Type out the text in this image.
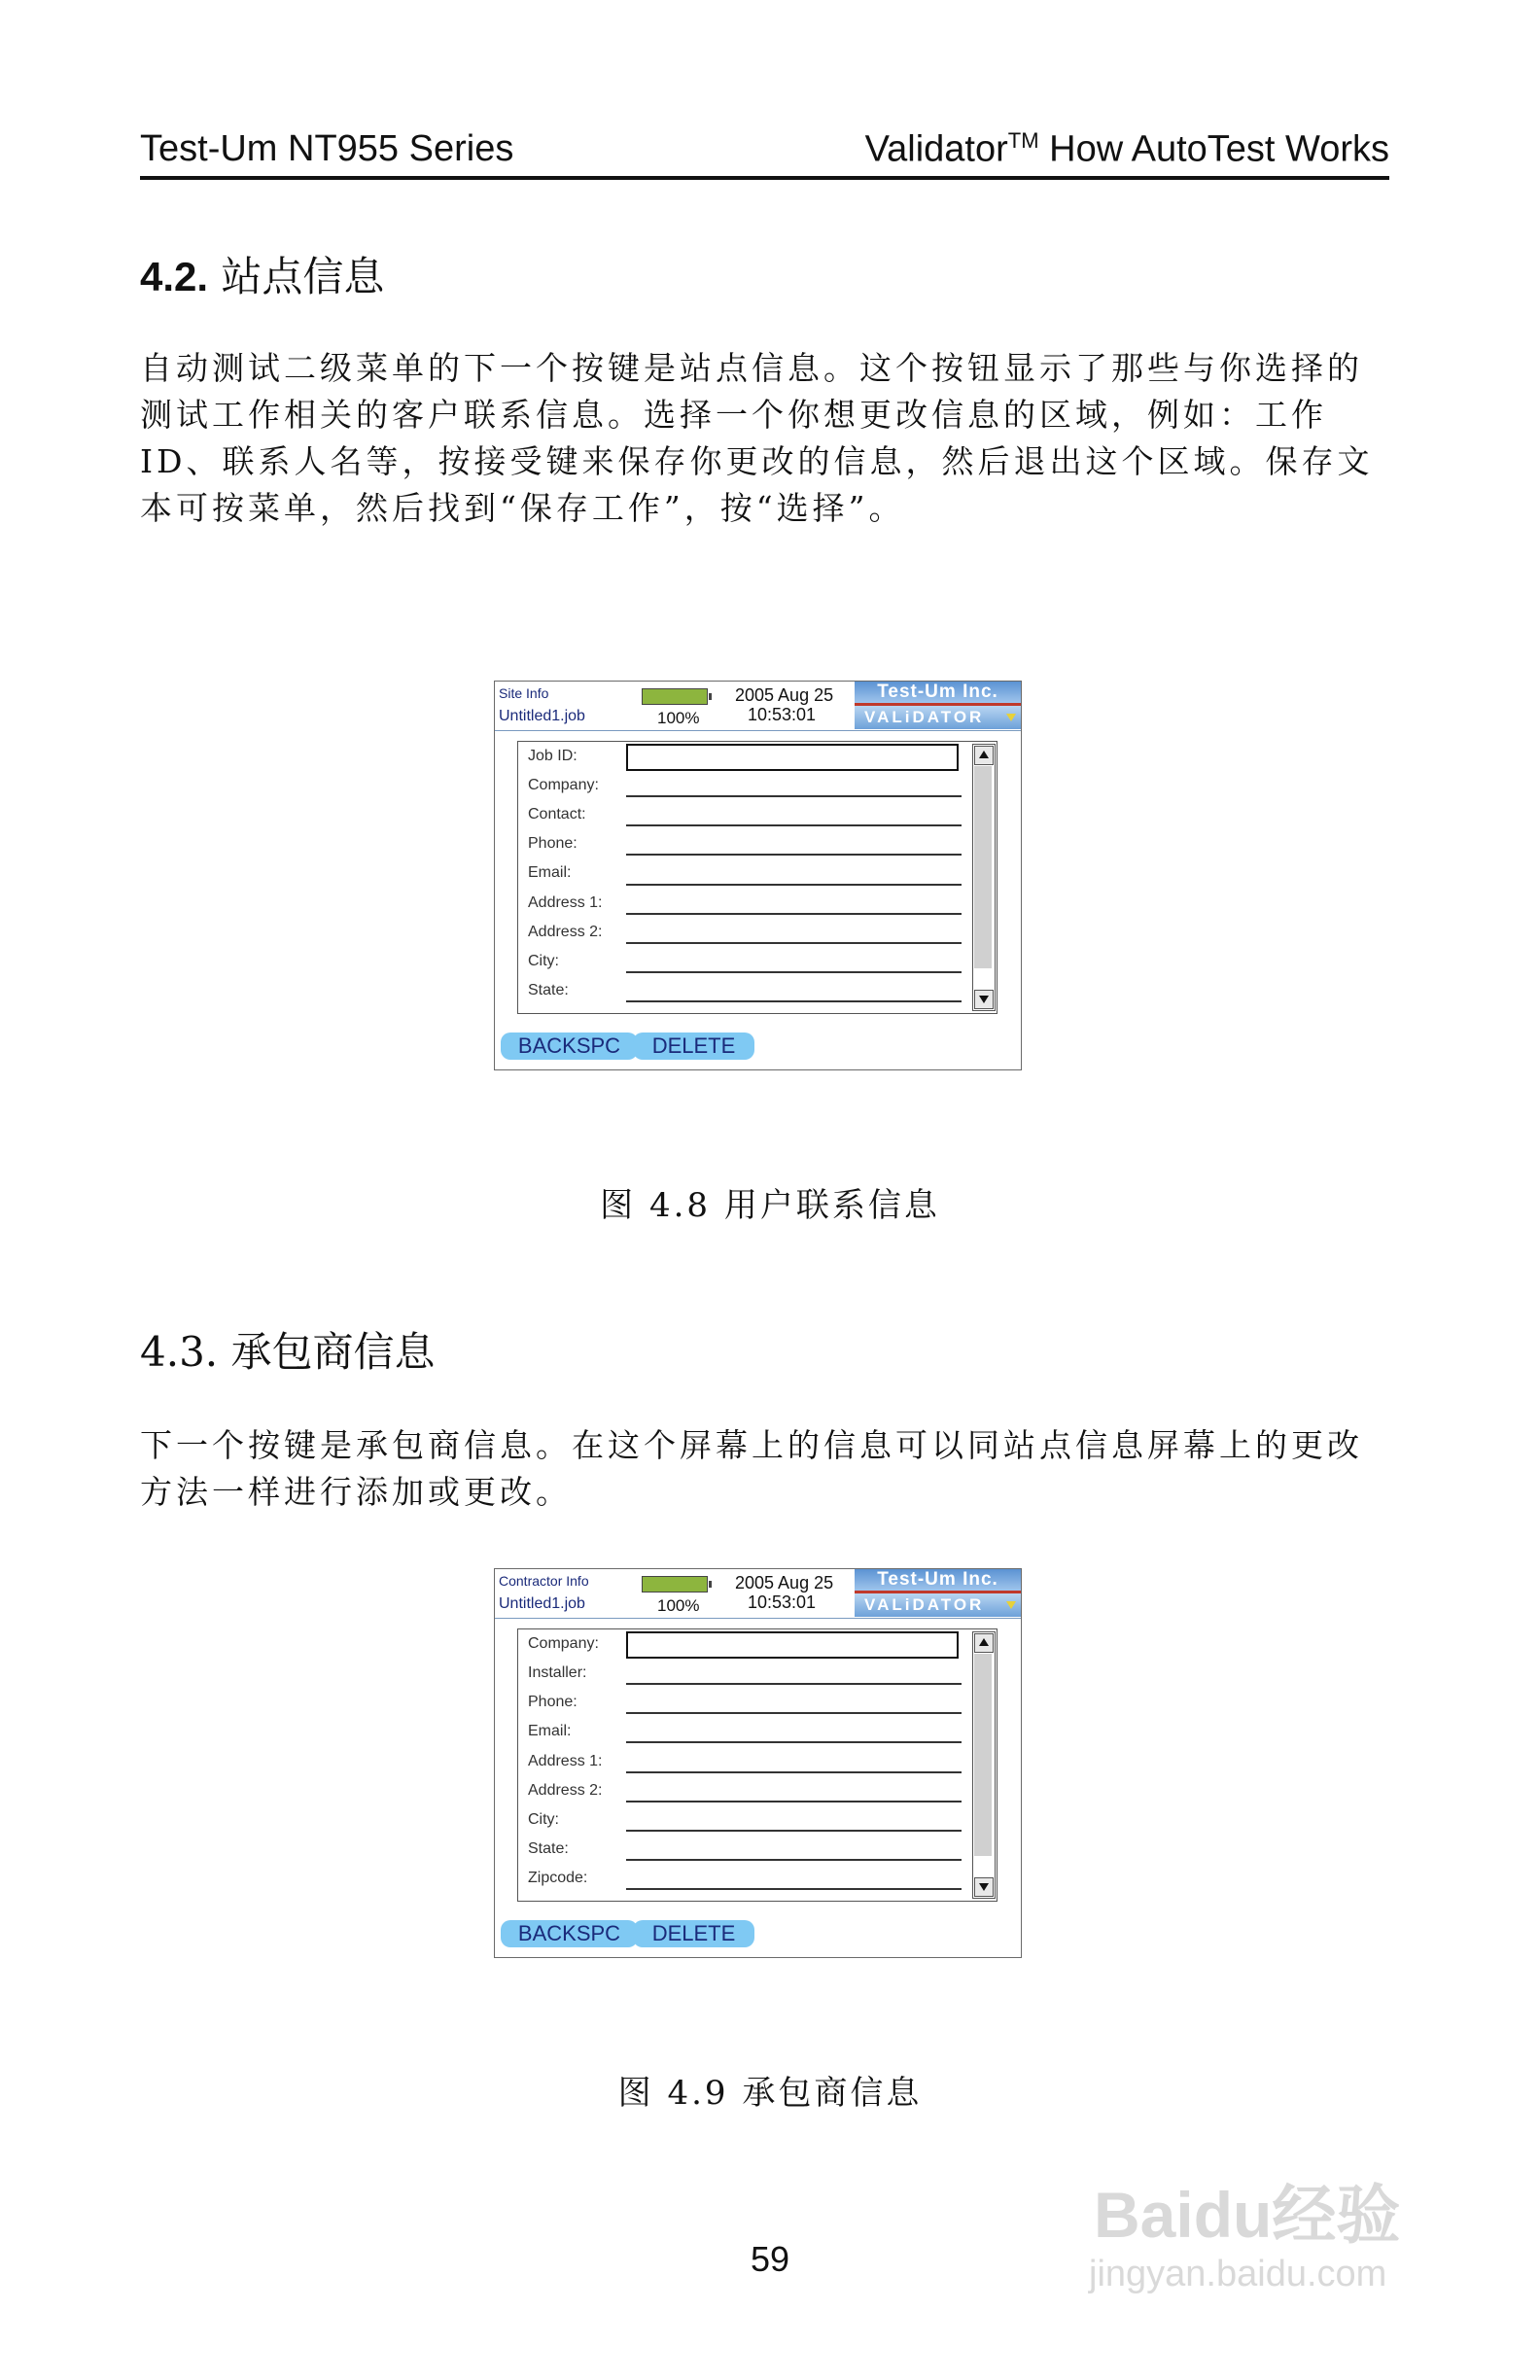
Test-Um NT955 Series	Validator™ How AutoTest Works
4.2. 站点信息

自动测试二级菜单的下一个按键是站点信息。这个按钮显示了那些与你选择的测试工作相关的客户联系信息。选择一个你想更改信息的区域，例如：工作ID、联系人名等，按接受键来保存你更改的信息，然后退出这个区域。保存文本可按菜单，然后找到“保存工作”，按“选择”。

Site Info
Untitled1.job	100%
2005 Aug 25
10:53:01
Test-Um Inc.
VALiDATOR
Job ID:
Company:
Contact:
Phone:
Email:
Address 1:
Address 2:
City:
State:
BACKSPC	DELETE
图 4.8 用户联系信息
4.3. 承包商信息

下一个按键是承包商信息。在这个屏幕上的信息可以同站点信息屏幕上的更改方法一样进行添加或更改。

Contractor Info
Untitled1.job	100%
2005 Aug 25
10:53:01
Test-Um Inc.
VALiDATOR
Company:
Installer:
Phone:
Email:
Address 1:
Address 2:
City:
State:
Zipcode:
BACKSPC	DELETE
图 4.9 承包商信息
59
Baidu经验
jingyan.baidu.com
